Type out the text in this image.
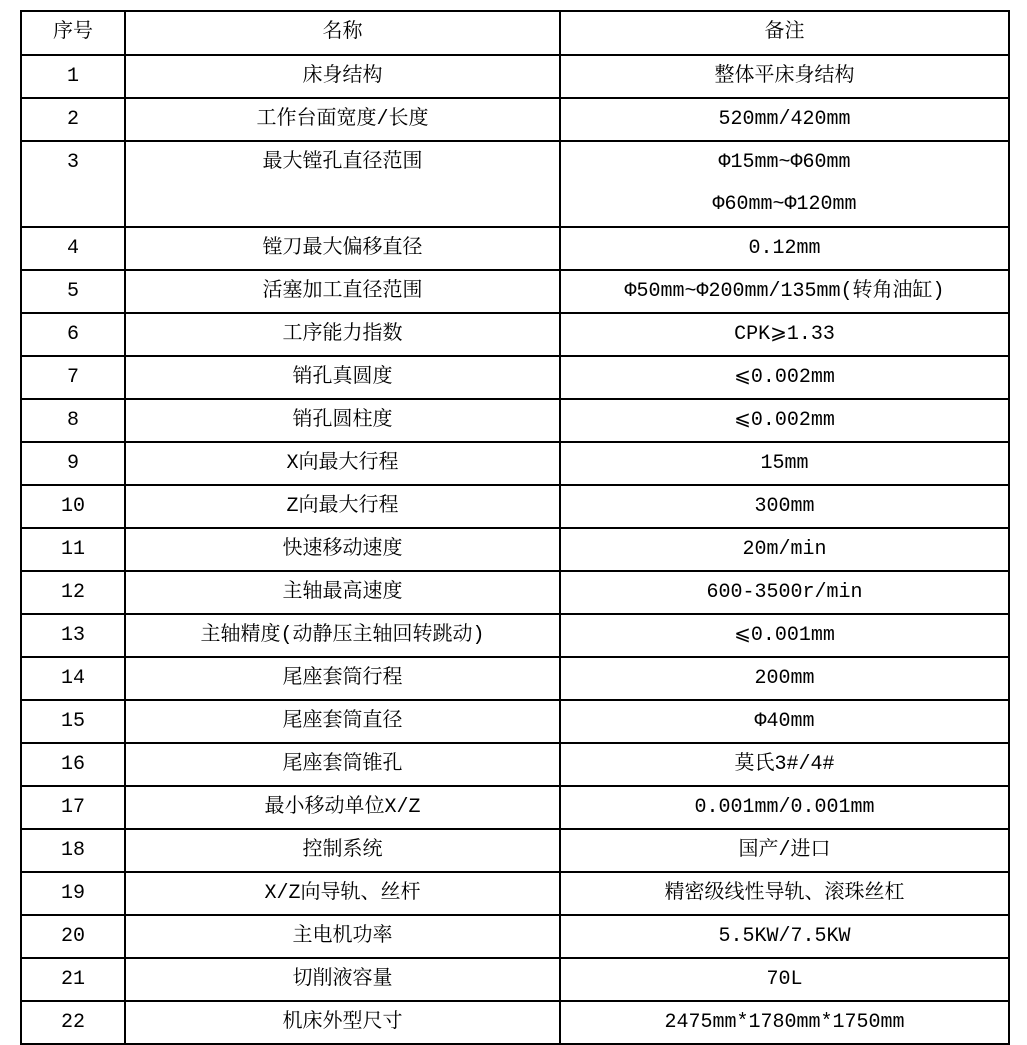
序号	名称	备注
1	床身结构	整体平床身结构

2	工作台面宽度/长度	520mm/420mm

3	最大镗孔直径范围	Φ15mm~Φ60mm
Φ60mm~Φ120mm

4	镗刀最大偏移直径	0.12mm

5	活塞加工直径范围	Φ50mm~Φ200mm/135mm(转角油缸)

6	工序能力指数	CPK⩾1.33

7	销孔真圆度	⩽0.002mm

8	销孔圆柱度	⩽0.002mm

9	X向最大行程	15mm

10	Z向最大行程	300mm

11	快速移动速度	20m/min

12	主轴最高速度	600-3500r/min

13	主轴精度(动静压主轴回转跳动)	⩽0.001mm

14	尾座套筒行程	200mm

15	尾座套筒直径	Φ40mm

16	尾座套筒锥孔	莫氏3#/4#

17	最小移动单位X/Z	0.001mm/0.001mm

18	控制系统	国产/进口

19	X/Z向导轨、丝杆	精密级线性导轨、滚珠丝杠

20	主电机功率	5.5KW/7.5KW

21	切削液容量	70L

22	机床外型尺寸	2475mm*1780mm*1750mm
